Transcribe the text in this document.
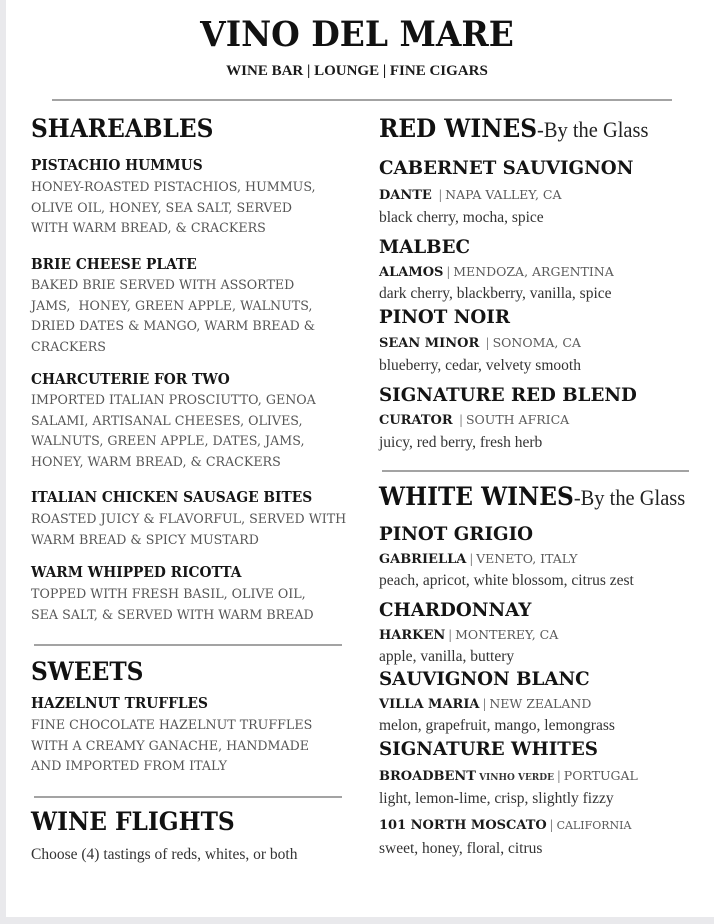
VINO DEL MARE
WINE BAR | LOUNGE | FINE CIGARS
SHAREABLES
PISTACHIO HUMMUS
HONEY-ROASTED PISTACHIOS, HUMMUS,
OLIVE OIL, HONEY, SEA SALT, SERVED
WITH WARM BREAD, & CRACKERS
BRIE CHEESE PLATE
BAKED BRIE SERVED WITH ASSORTED
JAMS,  HONEY, GREEN APPLE, WALNUTS,
DRIED DATES & MANGO, WARM BREAD &
CRACKERS
CHARCUTERIE FOR TWO
IMPORTED ITALIAN PROSCIUTTO, GENOA
SALAMI, ARTISANAL CHEESES, OLIVES,
WALNUTS, GREEN APPLE, DATES, JAMS,
HONEY, WARM BREAD, & CRACKERS
ITALIAN CHICKEN SAUSAGE BITES
ROASTED JUICY & FLAVORFUL, SERVED WITH
WARM BREAD & SPICY MUSTARD
WARM WHIPPED RICOTTA
TOPPED WITH FRESH BASIL, OLIVE OIL,
SEA SALT, & SERVED WITH WARM BREAD
SWEETS
HAZELNUT TRUFFLES
FINE CHOCOLATE HAZELNUT TRUFFLES
WITH A CREAMY GANACHE, HANDMADE
AND IMPORTED FROM ITALY
WINE FLIGHTS
Choose (4) tastings of reds, whites, or both
RED WINES-By the Glass
CABERNET SAUVIGNON
DANTE  | NAPA VALLEY, CA
black cherry, mocha, spice
MALBEC
ALAMOS | MENDOZA, ARGENTINA
dark cherry, blackberry, vanilla, spice
PINOT NOIR
SEAN MINOR  | SONOMA, CA
blueberry, cedar, velvety smooth
SIGNATURE RED BLEND
CURATOR  | SOUTH AFRICA
juicy, red berry, fresh herb
WHITE WINES-By the Glass
PINOT GRIGIO
GABRIELLA | VENETO, ITALY
peach, apricot, white blossom, citrus zest
CHARDONNAY
HARKEN | MONTEREY, CA
apple, vanilla, buttery
SAUVIGNON BLANC
VILLA MARIA | NEW ZEALAND
melon, grapefruit, mango, lemongrass
SIGNATURE WHITES
BROADBENT VINHO VERDE | PORTUGAL
light, lemon-lime, crisp, slightly fizzy
101 NORTH MOSCATO | CALIFORNIA
sweet, honey, floral, citrus
